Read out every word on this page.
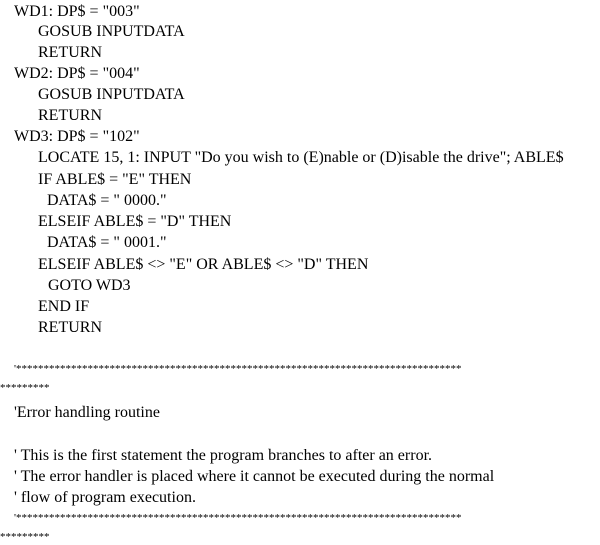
WD1: DP$ = "003"
GOSUB INPUTDATA
RETURN
WD2: DP$ = "004"
GOSUB INPUTDATA
RETURN
WD3: DP$ = "102"
LOCATE 15, 1: INPUT "Do you wish to (E)nable or (D)isable the drive"; ABLE$
IF ABLE$ = "E" THEN
DATA$ = " 0000."
ELSEIF ABLE$ = "D" THEN
DATA$ = " 0001."
ELSEIF ABLE$ <> "E" OR ABLE$ <> "D" THEN
GOTO WD3
END IF
RETURN
'*********************************************************************************
*********
'Error handling routine
' This is the first statement the program branches to after an error.
' The error handler is placed where it cannot be executed during the normal
' flow of program execution.
'*********************************************************************************
*********
